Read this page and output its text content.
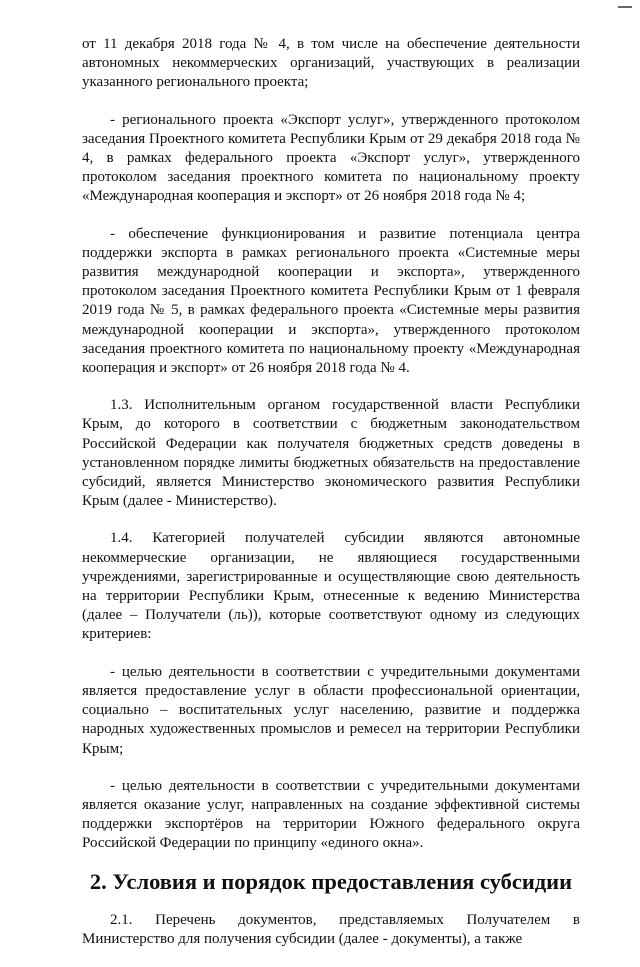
от 11 декабря 2018 года № 4, в том числе на обеспечение деятельности автономных некоммерческих организаций, участвующих в реализации указанного регионального проекта;

- регионального проекта «Экспорт услуг», утвержденного протоколом заседания Проектного комитета Республики Крым от 29 декабря 2018 года № 4, в рамках федерального проекта «Экспорт услуг», утвержденного протоколом заседания проектного комитета по национальному проекту «Международная кооперация и экспорт» от 26 ноября 2018 года № 4;

- обеспечение функционирования и развитие потенциала центра поддержки экспорта в рамках регионального проекта «Системные меры развития международной кооперации и экспорта», утвержденного протоколом заседания Проектного комитета Республики Крым от 1 февраля 2019 года № 5, в рамках федерального проекта «Системные меры развития международной кооперации и экспорта», утвержденного протоколом заседания проектного комитета по национальному проекту «Международная кооперация и экспорт» от 26 ноября 2018 года № 4.

1.3. Исполнительным органом государственной власти Республики Крым, до которого в соответствии с бюджетным законодательством Российской Федерации как получателя бюджетных средств доведены в установленном порядке лимиты бюджетных обязательств на предоставление субсидий, является Министерство экономического развития Республики Крым (далее - Министерство).

1.4. Категорией получателей субсидии являются автономные некоммерческие организации, не являющиеся государственными учреждениями, зарегистрированные и осуществляющие свою деятельность на территории Республики Крым, отнесенные к ведению Министерства (далее – Получатели (ль)), которые соответствуют одному из следующих критериев:

- целью деятельности в соответствии с учредительными документами является предоставление услуг в области профессиональной ориентации, социально – воспитательных услуг населению, развитие и поддержка народных художественных промыслов и ремесел на территории Республики Крым;

- целью деятельности в соответствии с учредительными документами является оказание услуг, направленных на создание эффективной системы поддержки экспортёров на территории Южного федерального округа Российской Федерации по принципу «единого окна».

2. Условия и порядок предоставления субсидии

2.1. Перечень документов, представляемых Получателем в Министерство для получения субсидии (далее - документы), а также
